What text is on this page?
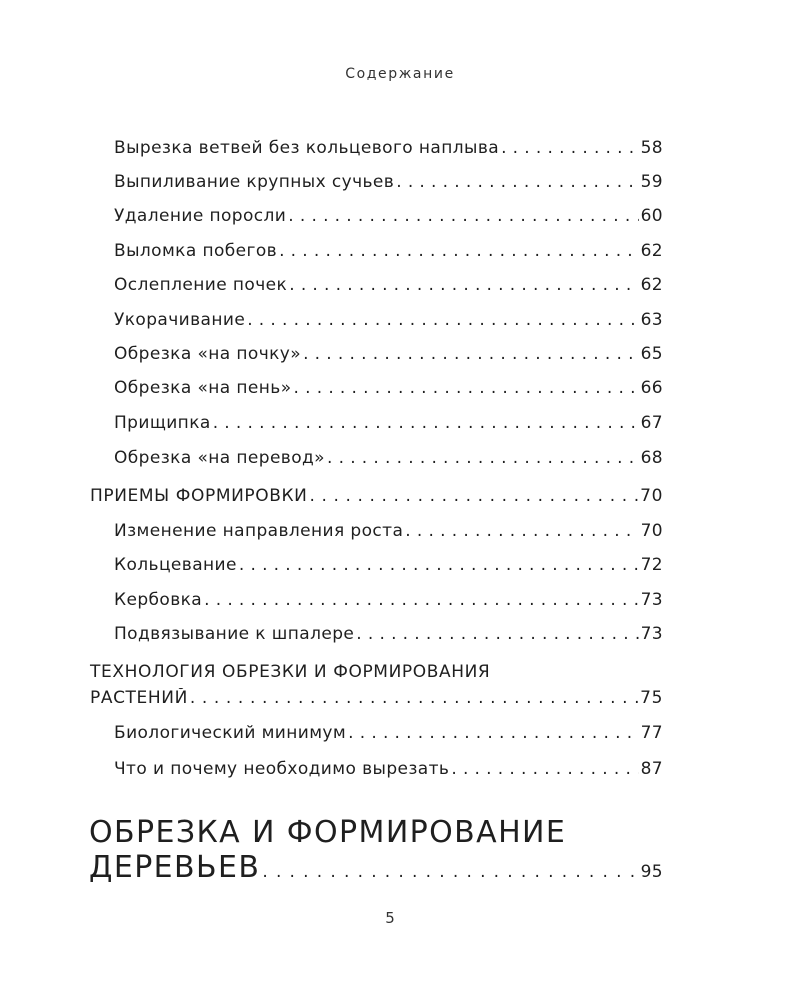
Содержание
Вырезка ветвей без кольцевого наплыва . . .	58
Выпиливание крупных сучьев . . .	59
Удаление поросли . . .	60
Выломка побегов . . .	62
Ослепление почек . . .	62
Укорачивание . . .	63
Обрезка «на почку» . . .	65
Обрезка «на пень» . . .	66
Прищипка . . .	67
Обрезка «на перевод» . . .	68
ПРИЕМЫ ФОРМИРОВКИ . . .	70
Изменение направления роста . . .	70
Кольцевание . . .	72
Кербовка . . .	73
Подвязывание к шпалере . . .	73
ТЕХНОЛОГИЯ ОБРЕЗКИ И ФОРМИРОВАНИЯ
РАСТЕНИЙ . . .	75
Биологический минимум . . .	77
Что и почему необходимо вырезать . . .	87
ОБРЕЗКА И ФОРМИРОВАНИЕ
ДЕРЕВЬЕВ . . .	95
5
